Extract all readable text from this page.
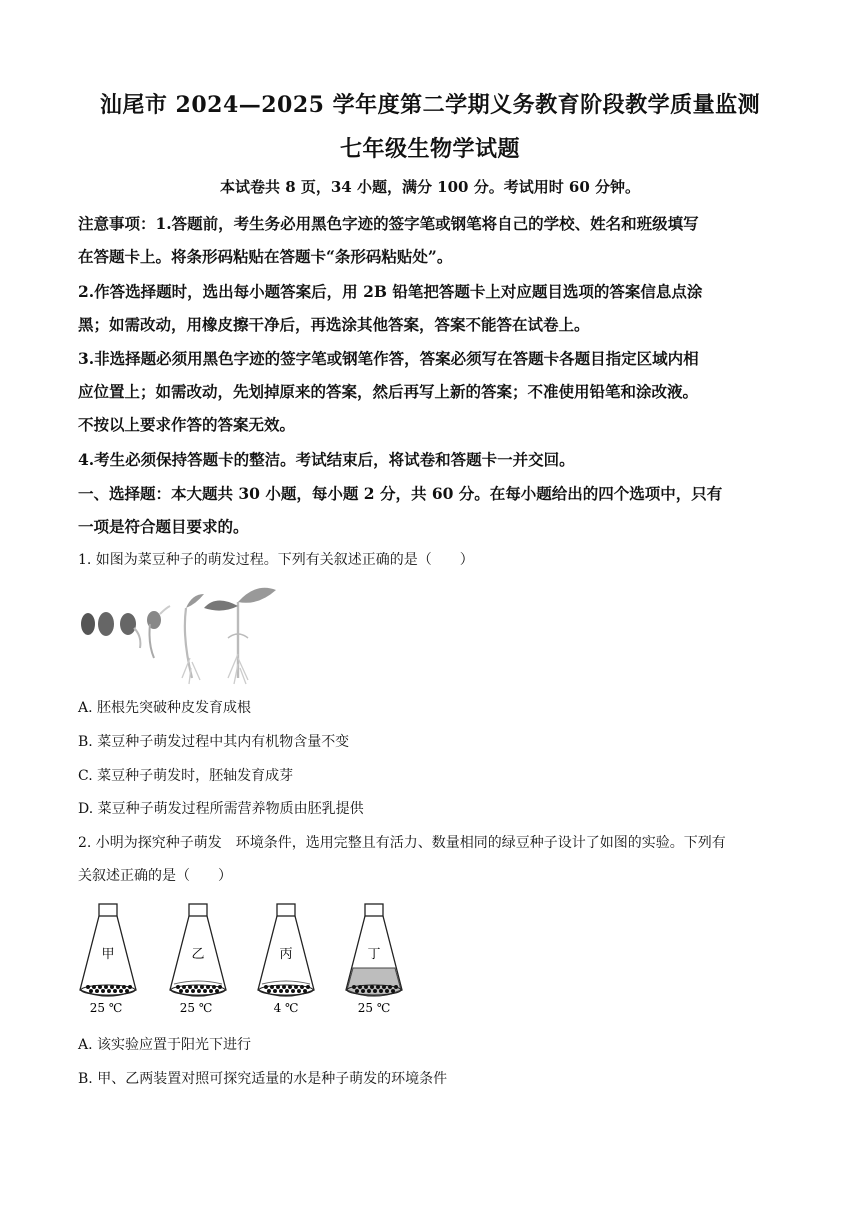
汕尾市 2024—2025 学年度第二学期义务教育阶段教学质量监测
七年级生物学试题
本试卷共 8 页，34 小题，满分 100 分。考试用时 60 分钟。
注意事项：1.答题前，考生务必用黑色字迹的签字笔或钢笔将自己的学校、姓名和班级填写
在答题卡上。将条形码粘贴在答题卡“条形码粘贴处”。
2.作答选择题时，选出每小题答案后，用 2B 铅笔把答题卡上对应题目选项的答案信息点涂
黑；如需改动，用橡皮擦干净后，再选涂其他答案，答案不能答在试卷上。
3.非选择题必须用黑色字迹的签字笔或钢笔作答，答案必须写在答题卡各题目指定区域内相
应位置上；如需改动，先划掉原来的答案，然后再写上新的答案；不准使用铅笔和涂改液。
不按以上要求作答的答案无效。
4.考生必须保持答题卡的整洁。考试结束后，将试卷和答题卡一并交回。
一、选择题：本大题共 30 小题，每小题 2 分，共 60 分。在每小题给出的四个选项中，只有
一项是符合题目要求的。
1. 如图为菜豆种子的萌发过程。下列有关叙述正确的是（　　）
A. 胚根先突破种皮发育成根
B. 菜豆种子萌发过程中其内有机物含量不变
C. 菜豆种子萌发时，胚轴发育成芽
D. 菜豆种子萌发过程所需营养物质由胚乳提供
2. 小明为探究种子萌发　环境条件，选用完整且有活力、数量相同的绿豆种子设计了如图的实验。下列有
关叙述正确的是（　　）
甲
25 ℃
乙
25 ℃
丙
4 ℃
丁
25 ℃
A. 该实验应置于阳光下进行
B. 甲、乙两装置对照可探究适量的水是种子萌发的环境条件
